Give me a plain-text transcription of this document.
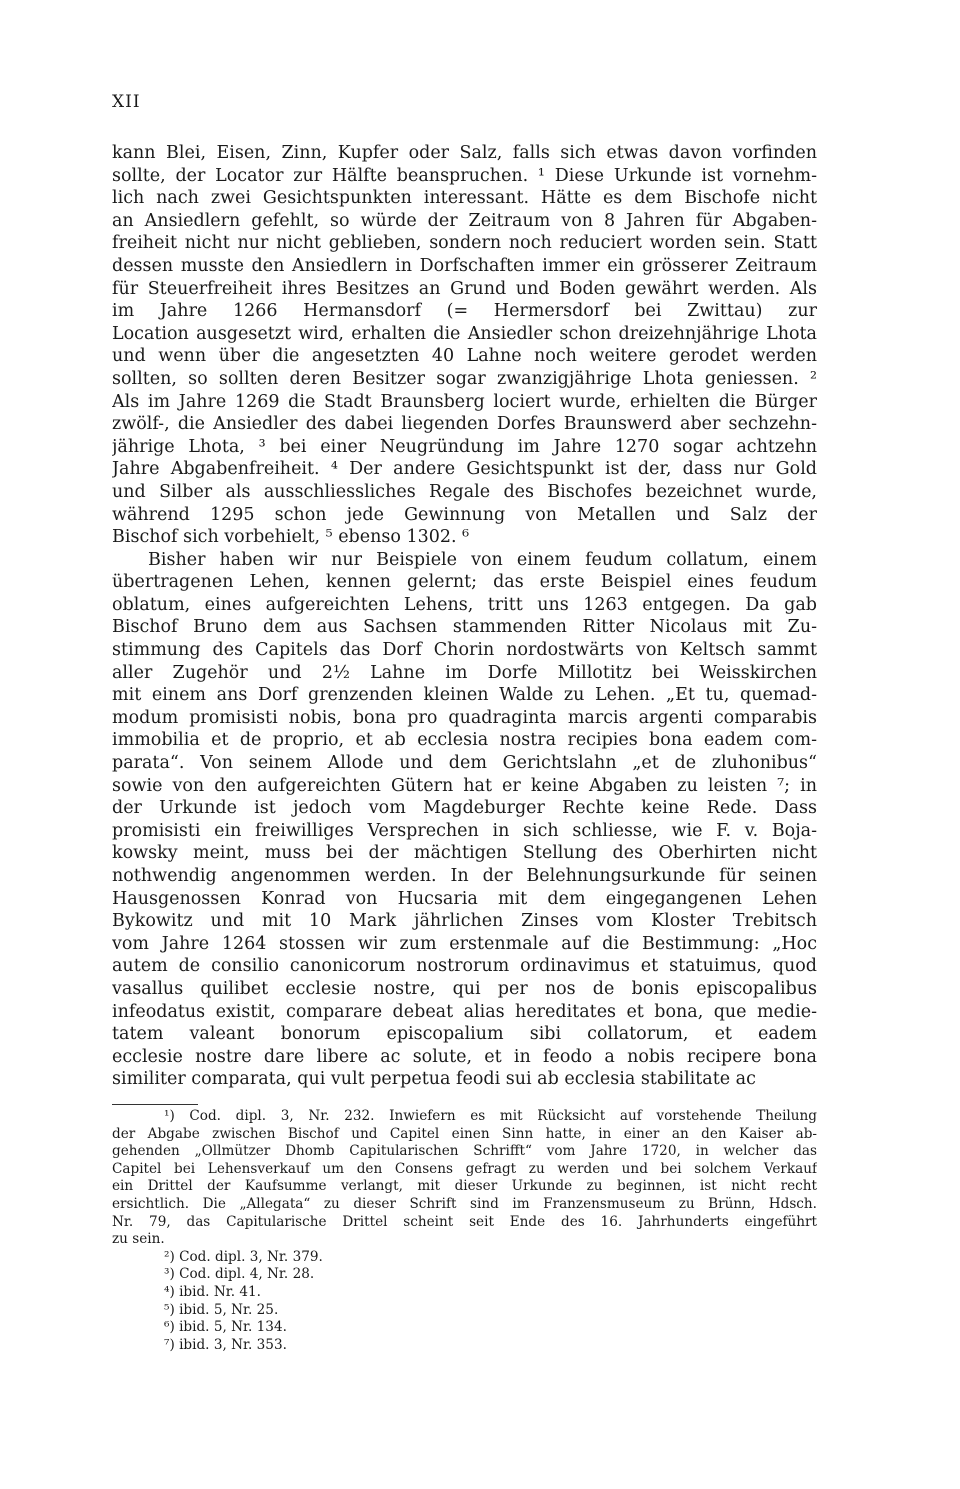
XII
kann Blei, Eisen, Zinn, Kupfer oder Salz, falls sich etwas davon vorfinden
sollte, der Locator zur Hälfte beanspruchen. ¹ Diese Urkunde ist vornehm-
lich nach zwei Gesichtspunkten interessant. Hätte es dem Bischofe nicht
an Ansiedlern gefehlt, so würde der Zeitraum von 8 Jahren für Abgaben-
freiheit nicht nur nicht geblieben, sondern noch reduciert worden sein. Statt
dessen musste den Ansiedlern in Dorfschaften immer ein grösserer Zeitraum
für Steuerfreiheit ihres Besitzes an Grund und Boden gewährt werden. Als
im Jahre 1266 Hermansdorf (= Hermersdorf bei Zwittau) zur
Location ausgesetzt wird, erhalten die Ansiedler schon dreizehnjährige Lhota
und wenn über die angesetzten 40 Lahne noch weitere gerodet werden
sollten, so sollten deren Besitzer sogar zwanzigjährige Lhota geniessen. ²
Als im Jahre 1269 die Stadt Braunsberg lociert wurde, erhielten die Bürger
zwölf-, die Ansiedler des dabei liegenden Dorfes Braunswerd aber sechzehn-
jährige Lhota, ³ bei einer Neugründung im Jahre 1270 sogar achtzehn
Jahre Abgabenfreiheit. ⁴ Der andere Gesichtspunkt ist der, dass nur Gold
und Silber als ausschliessliches Regale des Bischofes bezeichnet wurde,
während 1295 schon jede Gewinnung von Metallen und Salz der
Bischof sich vorbehielt, ⁵ ebenso 1302. ⁶
Bisher haben wir nur Beispiele von einem feudum collatum, einem
übertragenen Lehen, kennen gelernt; das erste Beispiel eines feudum
oblatum, eines aufgereichten Lehens, tritt uns 1263 entgegen. Da gab
Bischof Bruno dem aus Sachsen stammenden Ritter Nicolaus mit Zu-
stimmung des Capitels das Dorf Chorin nordostwärts von Keltsch sammt
aller Zugehör und 2½ Lahne im Dorfe Millotitz bei Weisskirchen
mit einem ans Dorf grenzenden kleinen Walde zu Lehen. „Et tu, quemad-
modum promisisti nobis, bona pro quadraginta marcis argenti comparabis
immobilia et de proprio, et ab ecclesia nostra recipies bona eadem com-
parata“. Von seinem Allode und dem Gerichtslahn „et de zluhonibus“
sowie von den aufgereichten Gütern hat er keine Abgaben zu leisten ⁷; in
der Urkunde ist jedoch vom Magdeburger Rechte keine Rede. Dass
promisisti ein freiwilliges Versprechen in sich schliesse, wie F. v. Boja-
kowsky meint, muss bei der mächtigen Stellung des Oberhirten nicht
nothwendig angenommen werden. In der Belehnungsurkunde für seinen
Hausgenossen Konrad von Hucsaria mit dem eingegangenen Lehen
Bykowitz und mit 10 Mark jährlichen Zinses vom Kloster Trebitsch
vom Jahre 1264 stossen wir zum erstenmale auf die Bestimmung: „Hoc
autem de consilio canonicorum nostrorum ordinavimus et statuimus, quod
vasallus quilibet ecclesie nostre, qui per nos de bonis episcopalibus
infeodatus existit, comparare debeat alias hereditates et bona, que medie-
tatem valeant bonorum episcopalium sibi collatorum, et eadem
ecclesie nostre dare libere ac solute, et in feodo a nobis recipere bona
similiter comparata, qui vult perpetua feodi sui ab ecclesia stabilitate ac
¹) Cod. dipl. 3, Nr. 232. Inwiefern es mit Rücksicht auf vorstehende Theilung
der Abgabe zwischen Bischof und Capitel einen Sinn hatte, in einer an den Kaiser ab-
gehenden „Ollmützer Dhomb Capitularischen Schrifft“ vom Jahre 1720, in welcher das
Capitel bei Lehensverkauf um den Consens gefragt zu werden und bei solchem Verkauf
ein Drittel der Kaufsumme verlangt, mit dieser Urkunde zu beginnen, ist nicht recht
ersichtlich. Die „Allegata“ zu dieser Schrift sind im Franzensmuseum zu Brünn, Hdsch.
Nr. 79, das Capitularische Drittel scheint seit Ende des 16. Jahrhunderts eingeführt
zu sein.
²) Cod. dipl. 3, Nr. 379.
³) Cod. dipl. 4, Nr. 28.
⁴) ibid. Nr. 41.
⁵) ibid. 5, Nr. 25.
⁶) ibid. 5, Nr. 134.
⁷) ibid. 3, Nr. 353.
